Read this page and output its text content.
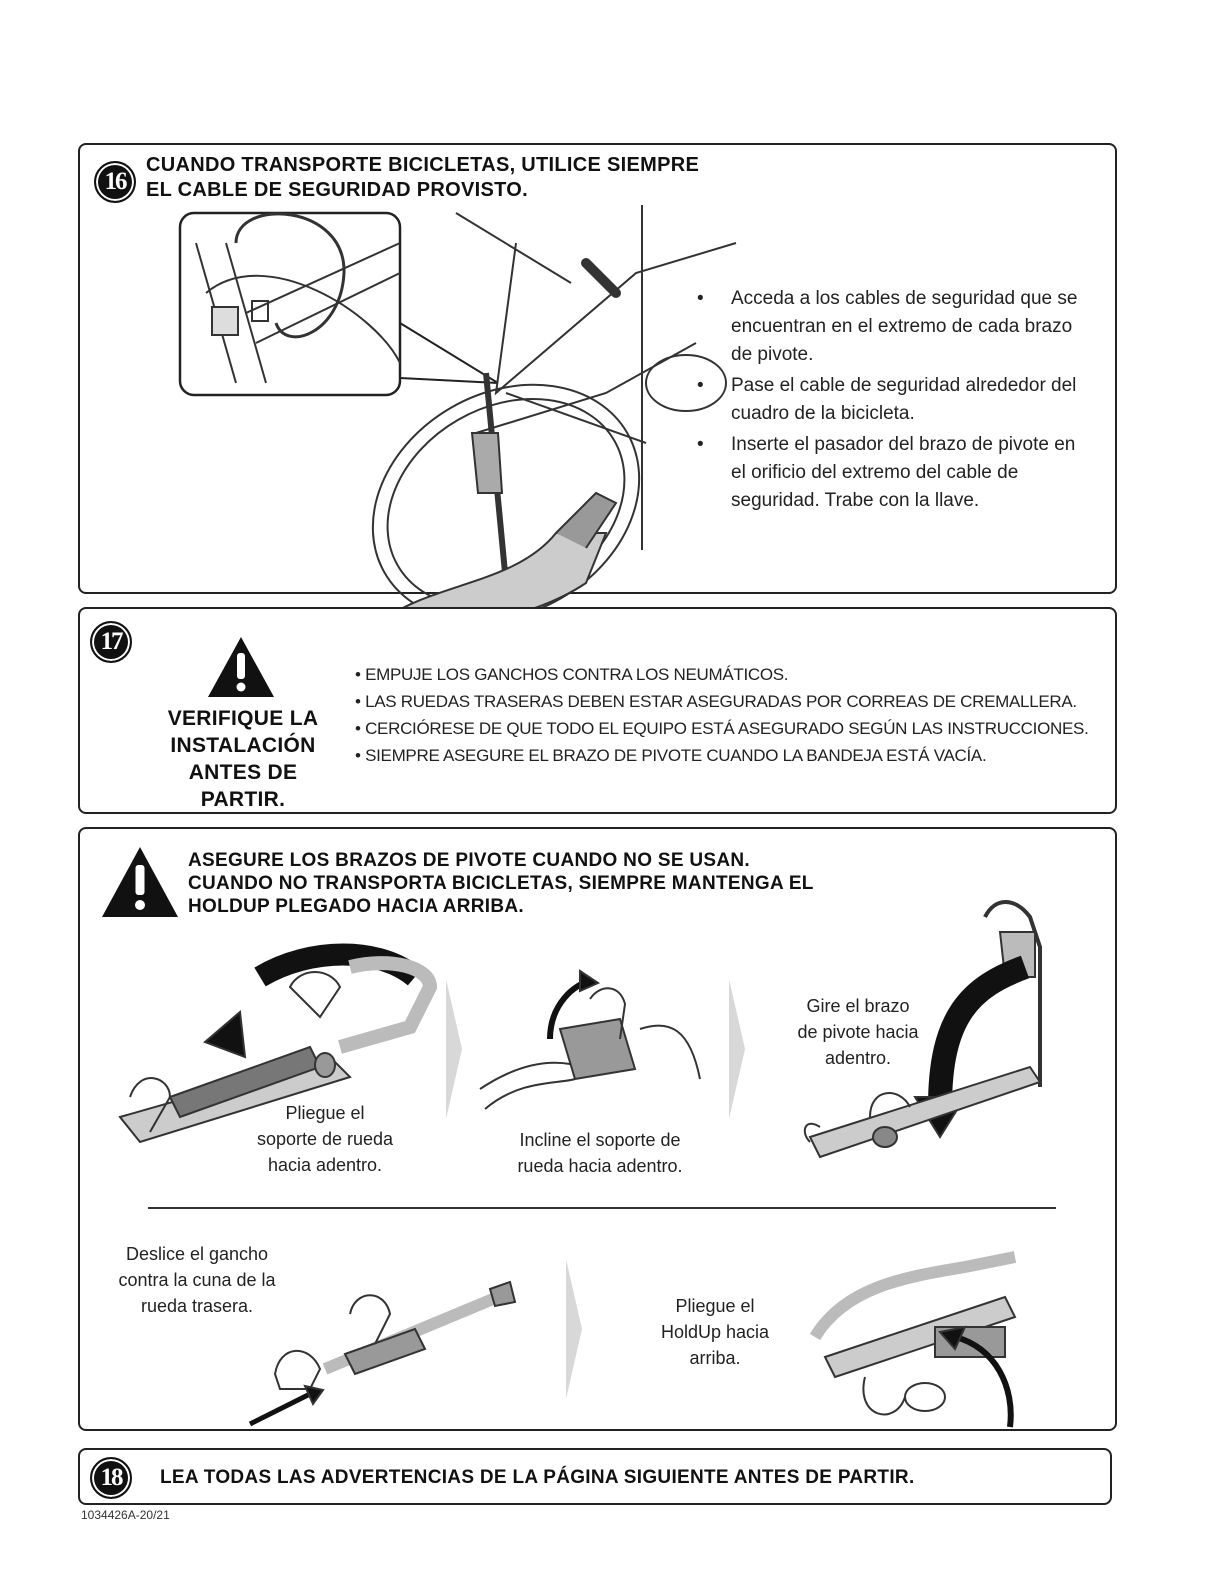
16
CUANDO TRANSPORTE BICICLETAS, UTILICE SIEMPRE
EL CABLE DE SEGURIDAD PROVISTO.
• Acceda a los cables de seguridad que se encuentran en el extremo de cada brazo de pivote.
• Pase el cable de seguridad alrededor del cuadro de la bicicleta.
• Inserte el pasador del brazo de pivote en el orificio del extremo del cable de seguridad. Trabe con la llave.
17
VERIFIQUE LA
INSTALACIÓN
ANTES DE
PARTIR.
• EMPUJE LOS GANCHOS CONTRA LOS NEUMÁTICOS.
• LAS RUEDAS TRASERAS DEBEN ESTAR ASEGURADAS POR CORREAS DE CREMALLERA.
• CERCIÓRESE DE QUE TODO EL EQUIPO ESTÁ ASEGURADO SEGÚN LAS INSTRUCCIONES.
• SIEMPRE ASEGURE EL BRAZO DE PIVOTE CUANDO LA BANDEJA ESTÁ VACÍA.
ASEGURE LOS BRAZOS DE PIVOTE CUANDO NO SE USAN.
CUANDO NO TRANSPORTA BICICLETAS, SIEMPRE MANTENGA EL
HOLDUP PLEGADO HACIA ARRIBA.
Pliegue el
soporte de rueda
hacia adentro.
Incline el soporte de
rueda hacia adentro.
Gire el brazo
de pivote hacia
adentro.
Deslice el gancho
contra la cuna de la
rueda trasera.	Pliegue el
HoldUp hacia
arriba.
18	LEA TODAS LAS ADVERTENCIAS DE LA PÁGINA SIGUIENTE ANTES DE PARTIR.
1034426A-20/21
